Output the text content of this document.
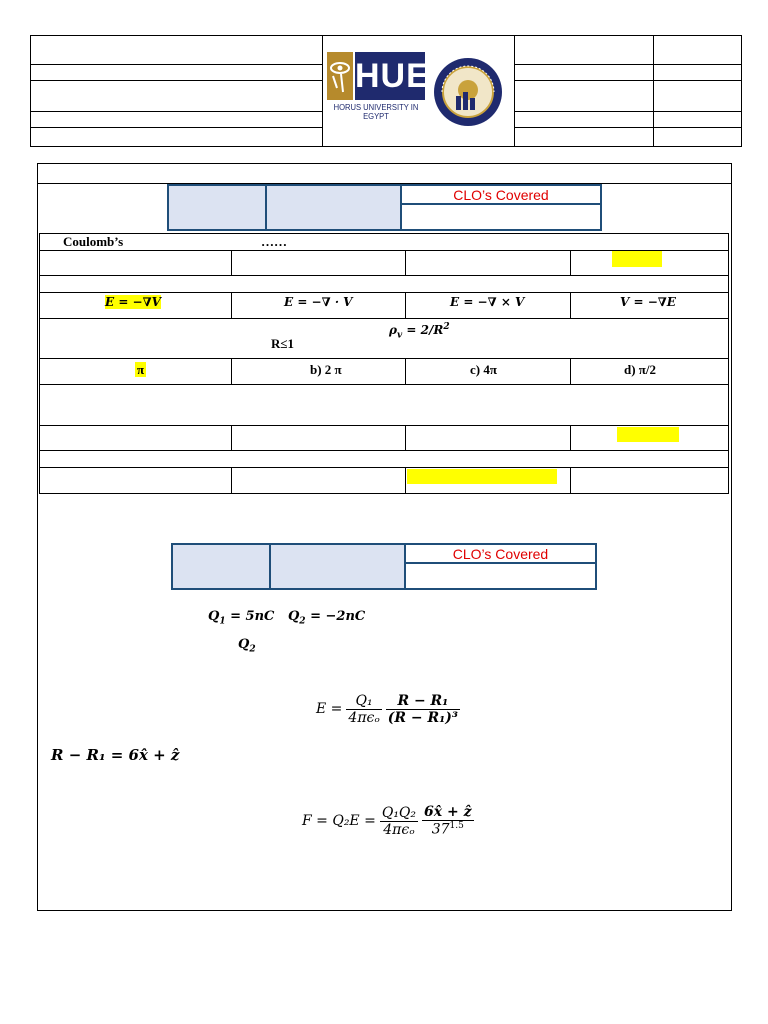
HUE
HORUS UNIVERSITY IN EGYPT
CLO’s Covered
Coulomb’s	……
E = −∇V	E = −∇ · V	E = −∇ × V	V = −∇E
$\rho_v = 2/R^2$
R≤1
π	b) 2 π	c) 4π	d) π/2
CLO’s Covered
$Q_1 = 5nC$ $Q_2 = -2nC$
$Q_2$
$E = \frac{\text{Q₁}}{\text{4πϵₒ}} \frac{\text{R − R₁}}{\text{(R − R₁)³}}$
R − R₁ = 6x̂ + ẑ
$F = Q_2E = \frac{\text{Q₁Q₂}}{\text{4πϵₒ}} \frac{\text{6x̂ + ẑ}}{37^{1.5}}$
